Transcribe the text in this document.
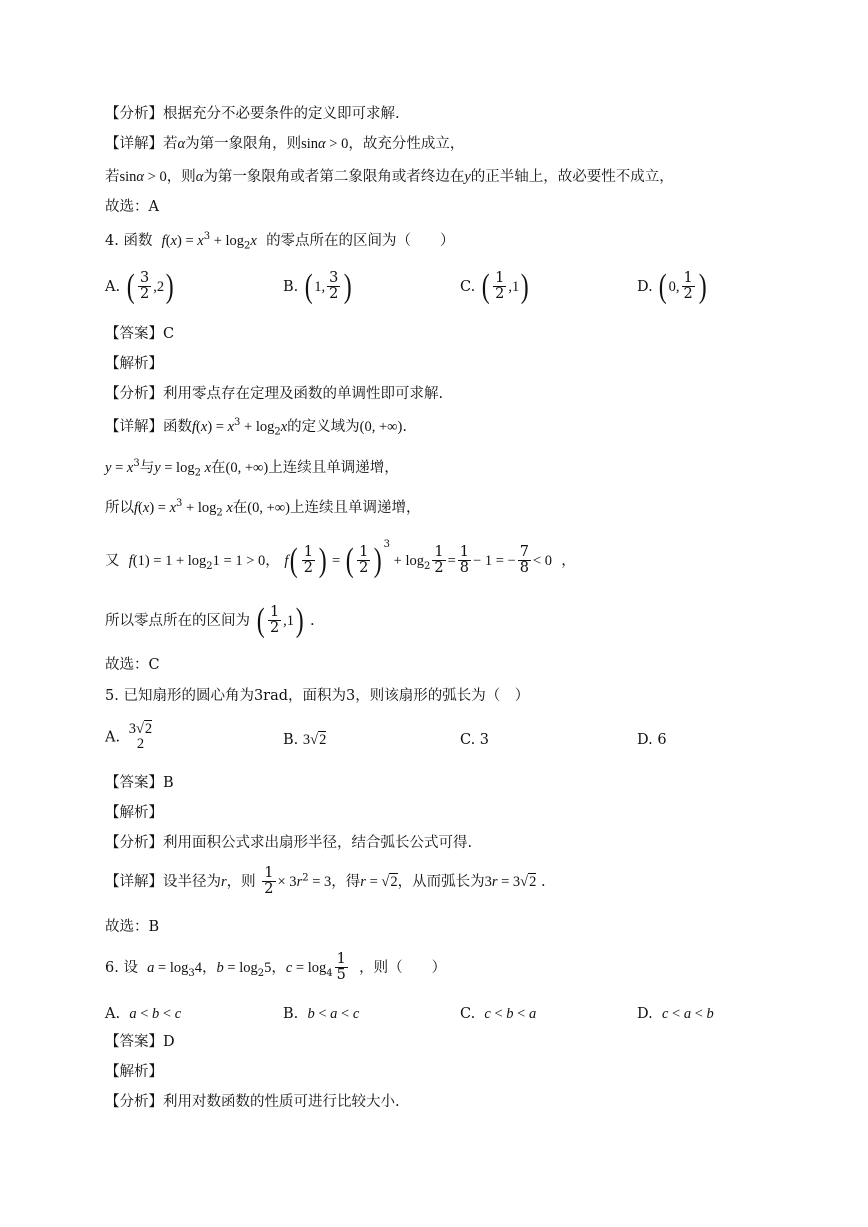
【分析】根据充分不必要条件的定义即可求解.
【详解】若α为第一象限角，则sinα > 0，故充分性成立，
若sinα > 0，则α为第一象限角或者第二象限角或者终边在y的正半轴上，故必要性不成立，
故选：A
4. 函数 $f(x) = x^3 + \log_2x$ 的零点所在的区间为（　　）
A. ( $\frac{3}{2} ,2$)	B. ( 1, $\frac{3}{2}$ )	C. ( $\frac{1}{2} ,1$)	D. ( 0, $\frac{1}{2}$ )
【答案】C
【解析】
【分析】利用零点存在定理及函数的单调性即可求解.
【详解】函数$f(x) = x^3 + \log_2x$的定义域为(0, +∞).
$y = x^3$与$y = \log_2 x$在(0, +∞)上连续且单调递增，
所以$f(x) = x^3 + \log_2 x$在(0, +∞)上连续且单调递增，
又 $f(1) = 1 + \log_21 = 1 > 0$， $f( \frac{1}{2}$ ) = ( $\frac{1}{2}$ ) $^3 + \log_2 \frac{1}{2} = \frac{1}{8} - 1$ = − $\frac{7}{8} < 0$  ，
所以零点所在的区间为 ( $\frac{1}{2} ,1$) .
故选：C
5. 已知扇形的圆心角为3rad，面积为3，则该扇形的弧长为（　）
A.
3√2
2	B. 3√2	C. 3	D. 6
【答案】B
【解析】
【分析】利用面积公式求出扇形半径，结合弧长公式可得.
【详解】设半径为r，则 $\frac{1}{2} \times 3r^2 = 3$，得r = √2，从而弧长为3r = 3√2 .
故选：B
6. 设 $a = \log_34$，$b = \log_25$，$c = \log_4 \frac{1}{5}$ ，则（　　）
A. a < b < c	B. b < a < c	C. c < b < a	D. c < a < b
【答案】D
【解析】
【分析】利用对数函数的性质可进行比较大小.
